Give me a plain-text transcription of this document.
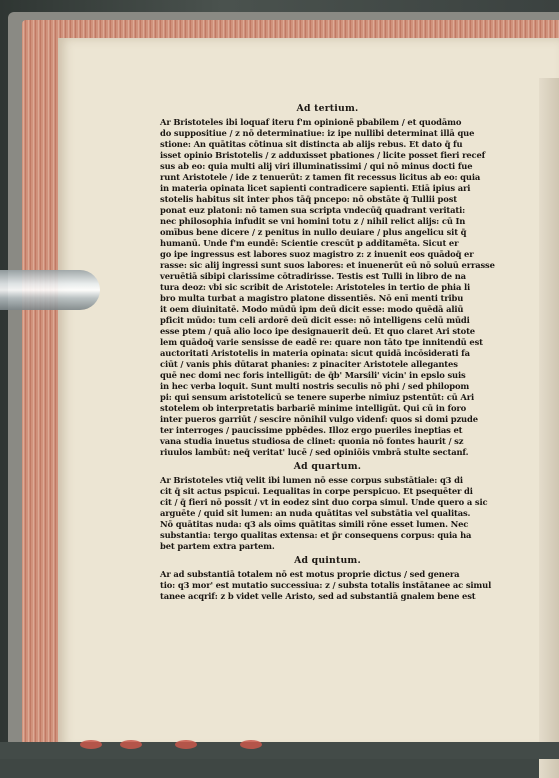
Ad tertium.
Ar Bristoteles ibi loquaf iteru f'm opinionē pbabilem / et quodāmo
do suppositiue / z nō determinatiue: iz ipe nullibi determinat illā que
stione: An quātitas cōtinua sit distincta ab alijs rebus. Et dato q̄ fu
isset opinio Bristotelis / z adduxisset pbationes / licite posset fieri recef
sus ab eo: quia multi alij viri illuminatissimi / qui nō minus docti fue
runt Aristotele / ide z tenuerūt: z tamen fit recessus licitus ab eo: quia
in materia opinata licet sapienti contradicere sapienti. Etiā ipius ari
stotelis habitus sit inter phos tāq̄ pncepo: nō obstāte q̄ Tullii post
ponat euz platoni: nō tamen sua scripta vndecūq̄ quadrant veritati:
nec philosophia infudit se vni homini totu z / nihil relict alijs: cū In
omībus bene dicere / z penitus in nullo deuiare / plus angelicu sit q̄
humanū. Unde f'm eundē: Scientie crescūt p additamēta. Sicut er
go ipe ingressus est labores suoz magistro z: z inuenit eos quādoq̄ er
rasse: sic alij ingressi sunt suos labores: et inuenerūt eū nō soluū errasse
veruētiā sibipi clarissime cōtradirisse. Testis est Tulli in libro de na
tura deoz: vbi sic scribit de Aristotele: Aristoteles in tertio de phia li
bro multa turbat a magistro platone dissentiēs. Nō enī menti tribu
it oem diuinitatē. Modo mūdū ipm deū dicit esse: modo quēdā aliū
pficit mūdo: tum celi ardorē deū dicit esse: nō intelligens celū mūdi
esse ptem / quā alio loco ipe designauerit deū. Et quo claret Ari stote
lem quādoq̄ varie sensisse de eadē re: quare non tāto tpe innitendū est
auctoritati Aristotelis in materia opinata: sicut quidā incōsiderati fa
ciūt / vanis phis dūtarat phanies: z pinaciter Aristotele allegantes
quē nec domi nec foris intelligūt: de q̄b' Marsili' vicin' in epslo suis
in hec verba loquit. Sunt multi nostris seculis nō phi / sed philopom
pi: qui sensum aristotelicū se tenere superbe nimiuz pstentūt: cū Ari
stotelem ob interpretatis barbariē minime intelligūt. Qui cū in foro
inter pueros garriūt / sescire nōnihil vulgo videnf: quos si domi pzude
ter interroges / paucissime ppbēdes. Illoz ergo pueriles ineptias et
vana studia inuetus studiosa de clinet: quonia nō fontes haurit / sz
riuulos lambūt: neq̄ veritat' lucē / sed opiniōis vmbrā stulte sectanf.
Ad quartum.
Ar Bristoteles vtiq̄ velit ibi lumen nō esse corpus substātiale: q3 di
cit q̄ sit actus pspicui. Lequalitas in corpe perspicuo. Et psequēter di
cit / q̄ fieri nō possit / vt in eodez sint duo corpa simul. Unde quero a sic
arguēte / quid sit lumen: an nuda quātitas vel substātia vel qualitas.
Nō quātitas nuda: q3 als oīms quātitas simili rōne esset lumen. Nec
substantia: tergo qualitas extensa: et p̄r consequens corpus: quia ha
bet partem extra partem.
Ad quintum.
Ar ad substantiā totalem nō est motus proprie dictus / sed genera
tio: q3 mor' est mutatio successiua: z / substa totalis instātanee ac simul
tanee acqrif: z b videt velle Aristo, sed ad substantiā gnalem bene est
